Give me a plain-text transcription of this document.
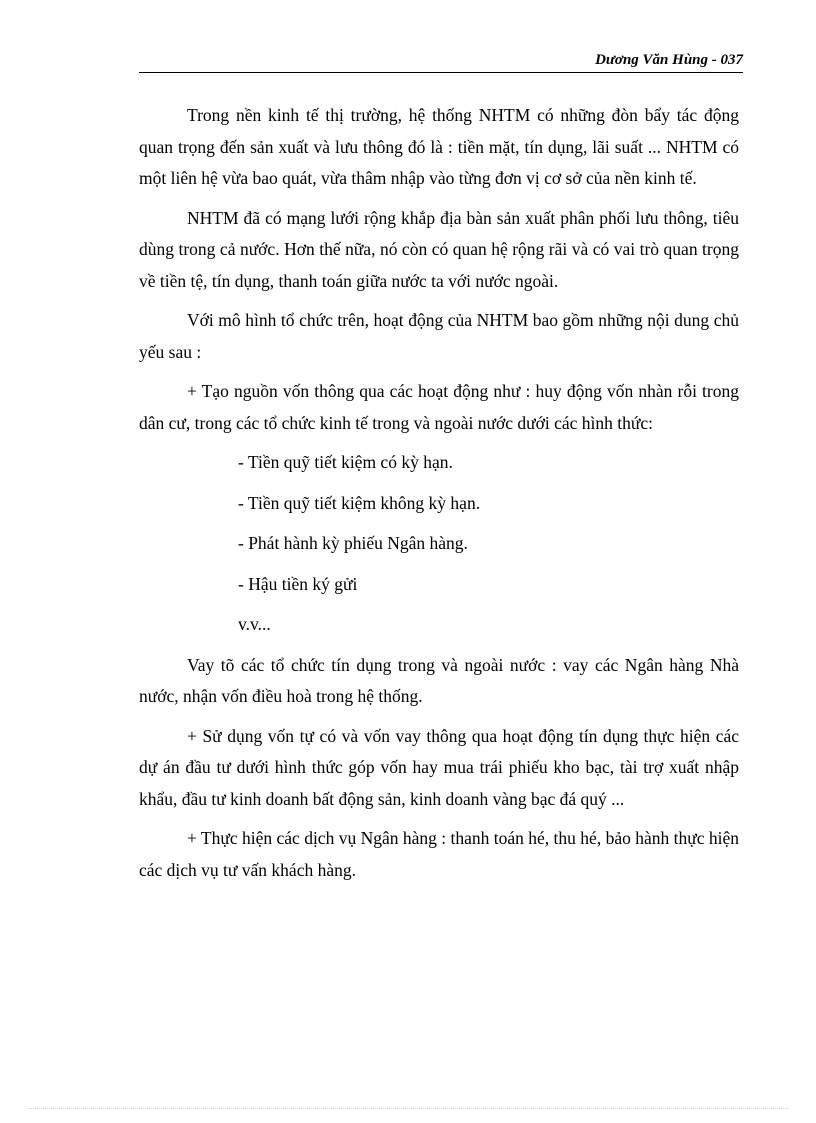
Dương Văn Hùng - 037

Trong nền kinh tế thị trường, hệ thống NHTM có những đòn bẩy tác động quan trọng đến sản xuất và lưu thông đó là : tiền mặt, tín dụng, lãi suất ... NHTM có một liên hệ vừa bao quát, vừa thâm nhập vào từng đơn vị cơ sở của nền kinh tế.

NHTM đã có mạng lưới rộng khắp địa bàn sản xuất phân phối lưu thông, tiêu dùng trong cả nước. Hơn thế nữa, nó còn có quan hệ rộng rãi và có vai trò quan trọng về tiền tệ, tín dụng, thanh toán giữa nước ta với nước ngoài.

Với mô hình tổ chức trên, hoạt động của NHTM bao gồm những nội dung chủ yếu sau :

+ Tạo nguồn vốn thông qua các hoạt động như : huy động vốn nhàn rỗi trong dân cư, trong các tổ chức kinh tế trong và ngoài nước dưới các hình thức:

- Tiền quỹ tiết kiệm có kỳ hạn.
- Tiền quỹ tiết kiệm không kỳ hạn.
- Phát hành kỳ phiếu Ngân hàng.
- Hậu tiền ký gửi
v.v...

Vay tõ các tổ chức tín dụng trong và ngoài nước : vay các Ngân hàng Nhà nước, nhận vốn điều hoà trong hệ thống.

+ Sử dụng vốn tự có và vốn vay thông qua hoạt động tín dụng thực hiện các dự án đầu tư dưới hình thức góp vốn hay mua trái phiếu kho bạc, tài trợ xuất nhập khẩu, đầu tư kinh doanh bất động sản, kinh doanh vàng bạc đá quý ...

+ Thực hiện các dịch vụ Ngân hàng : thanh toán hé, thu hé, bảo hành thực hiện các dịch vụ tư vấn khách hàng.
